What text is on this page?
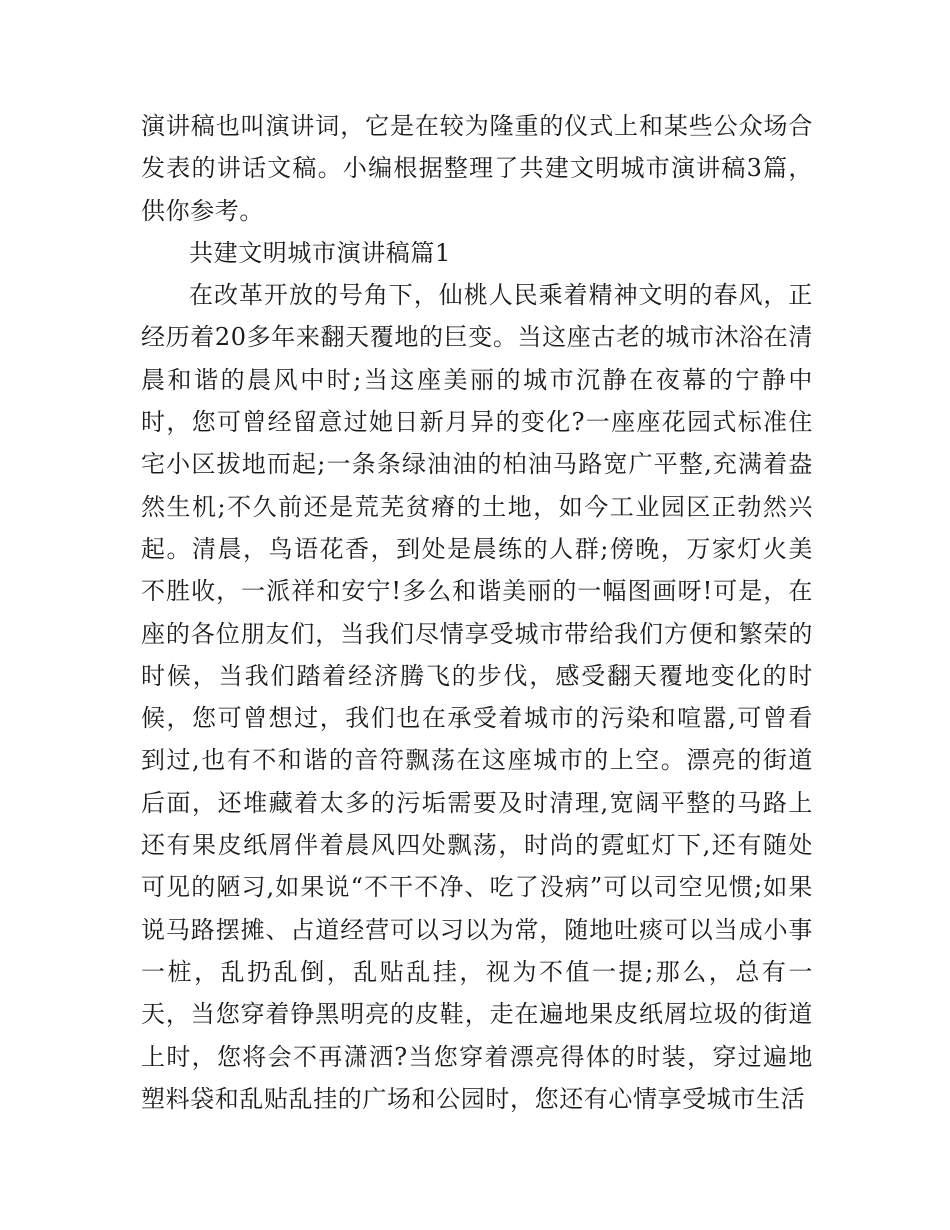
演讲稿也叫演讲词，它是在较为隆重的仪式上和某些公众场合发表的讲话文稿。小编根据整理了共建文明城市演讲稿3篇，供你参考。

共建文明城市演讲稿篇1

在改革开放的号角下，仙桃人民乘着精神文明的春风，正经历着20多年来翻天覆地的巨变。当这座古老的城市沐浴在清晨和谐的晨风中时;当这座美丽的城市沉静在夜幕的宁静中时，您可曾经留意过她日新月异的变化?一座座花园式标准住宅小区拔地而起;一条条绿油油的柏油马路宽广平整,充满着盎然生机;不久前还是荒芜贫瘠的土地，如今工业园区正勃然兴起。清晨，鸟语花香，到处是晨练的人群;傍晚，万家灯火美不胜收，一派祥和安宁!多么和谐美丽的一幅图画呀!可是，在座的各位朋友们，当我们尽情享受城市带给我们方便和繁荣的时候，当我们踏着经济腾飞的步伐，感受翻天覆地变化的时候，您可曾想过，我们也在承受着城市的污染和喧嚣,可曾看到过,也有不和谐的音符飘荡在这座城市的上空。漂亮的街道后面，还堆藏着太多的污垢需要及时清理,宽阔平整的马路上还有果皮纸屑伴着晨风四处飘荡，时尚的霓虹灯下,还有随处可见的陋习,如果说“不干不净、吃了没病”可以司空见惯;如果说马路摆摊、占道经营可以习以为常，随地吐痰可以当成小事一桩，乱扔乱倒，乱贴乱挂，视为不值一提;那么，总有一天，当您穿着铮黑明亮的皮鞋，走在遍地果皮纸屑垃圾的街道上时，您将会不再潇洒?当您穿着漂亮得体的时装，穿过遍地塑料袋和乱贴乱挂的广场和公园时，您还有心情享受城市生活
